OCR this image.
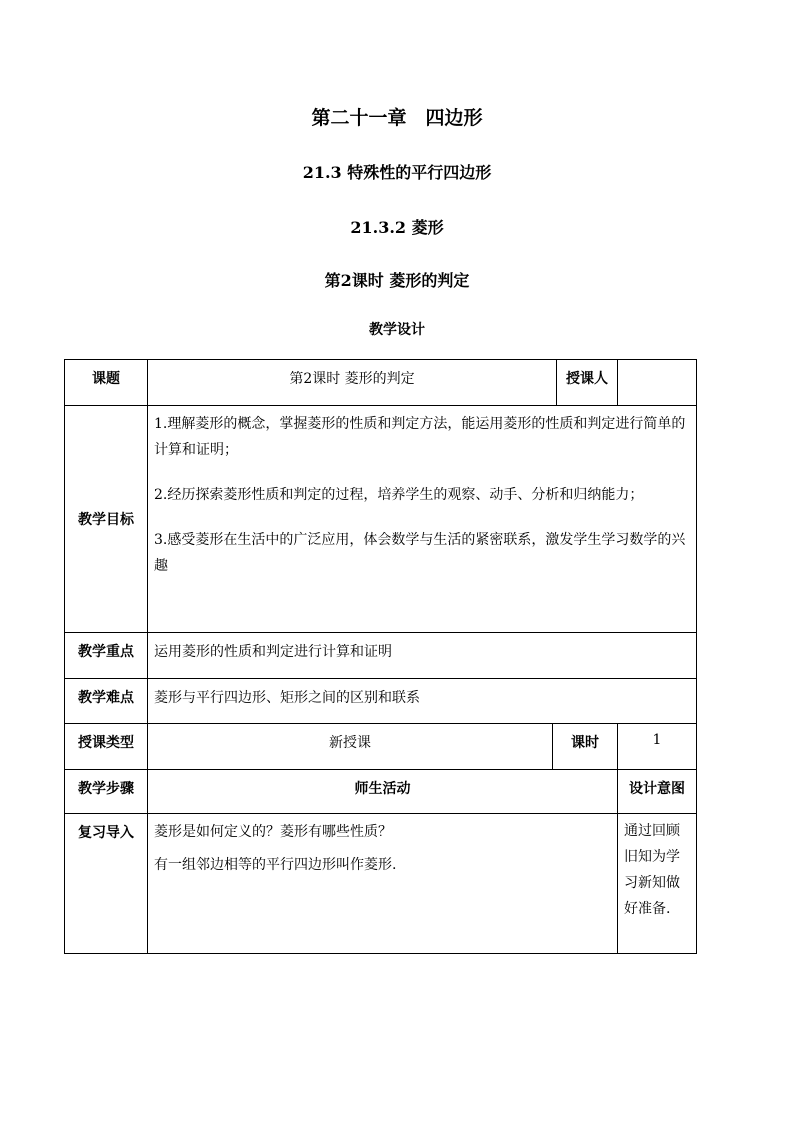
第二十一章　四边形
21.3 特殊性的平行四边形
21.3.2 菱形
第2课时 菱形的判定
教学设计
课题	第2课时 菱形的判定		授课人	
教学目标	1.理解菱形的概念，掌握菱形的性质和判定方法，能运用菱形的性质和判定进行简单的计算和证明；
2.经历探索菱形性质和判定的过程，培养学生的观察、动手、分析和归纳能力；
3.感受菱形在生活中的广泛应用，体会数学与生活的紧密联系，激发学生学习数学的兴趣			

教学重点	运用菱形的性质和判定进行计算和证明			
教学难点	菱形与平行四边形、矩形之间的区别和联系			
授课类型	新授课	课时		1
教学步骤	师生活动			设计意图
复习导入	菱形是如何定义的？菱形有哪些性质？
有一组邻边相等的平行四边形叫作菱形.			通过回顾旧知为学习新知做好准备.
